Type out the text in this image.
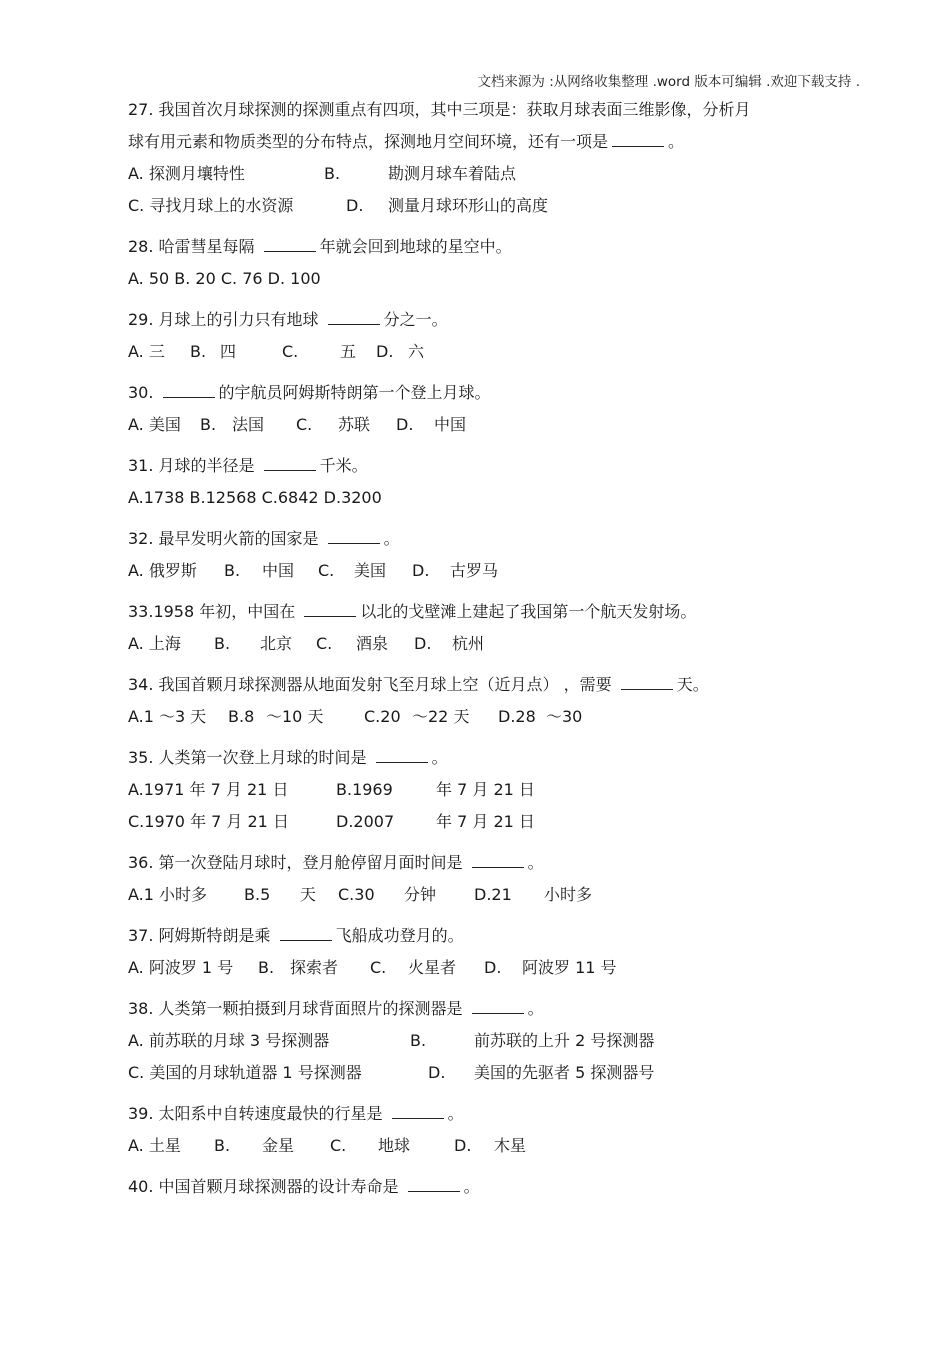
文档来源为 :从网络收集整理 .word 版本可编辑 .欢迎下载支持 .
27. 我国首次月球探测的探测重点有四项，其中三项是：获取月球表面三维影像，分析月
球有用元素和物质类型的分布特点，探测地月空间环境，还有一项是	。
A. 探测月壤特性	B.	勘测月球车着陆点
C. 寻找月球上的水资源	D. 测量月球环形山的高度
28. 哈雷彗星每隔	年就会回到地球的星空中。
A. 50 B. 20 C. 76 D. 100
29. 月球上的引力只有地球	分之一。
A. 三 B. 四	C.	五 D. 六
30.	的宇航员阿姆斯特朗第一个登上月球。
A. 美国 B. 法国 C. 苏联 D. 中国
31. 月球的半径是	千米。
A.1738 B.12568 C.6842 D.3200
32. 最早发明火箭的国家是	。
A. 俄罗斯 B. 中国 C. 美国 D. 古罗马
33.1958 年初，中国在	以北的戈壁滩上建起了我国第一个航天发射场。
A. 上海 B. 北京 C. 酒泉 D. 杭州
34. 我国首颗月球探测器从地面发射飞至月球上空（近月点） ，需要	天。
A.1 ～3 天 B.8 ～10 天	C.20 ～22 天 D.28 ～30
35. 人类第一次登上月球的时间是	。
A.1971 年 7 月 21 日	B.1969	年 7 月 21 日
C.1970 年 7 月 21 日	D.2007	年 7 月 21 日
36. 第一次登陆月球时，登月舱停留月面时间是	。
A.1 小时多 B.5 天 C.30 分钟 D.21 小时多
37. 阿姆斯特朗是乘	飞船成功登月的。
A. 阿波罗 1 号 B. 探索者 C. 火星者 D. 阿波罗 11 号
38. 人类第一颗拍摄到月球背面照片的探测器是	。
A. 前苏联的月球 3 号探测器	B.	前苏联的上升 2 号探测器
C. 美国的月球轨道器 1 号探测器	D. 美国的先驱者 5 探测器号
39. 太阳系中自转速度最快的行星是	。
A. 土星 B. 金星 C. 地球	D. 木星
40. 中国首颗月球探测器的设计寿命是	。
